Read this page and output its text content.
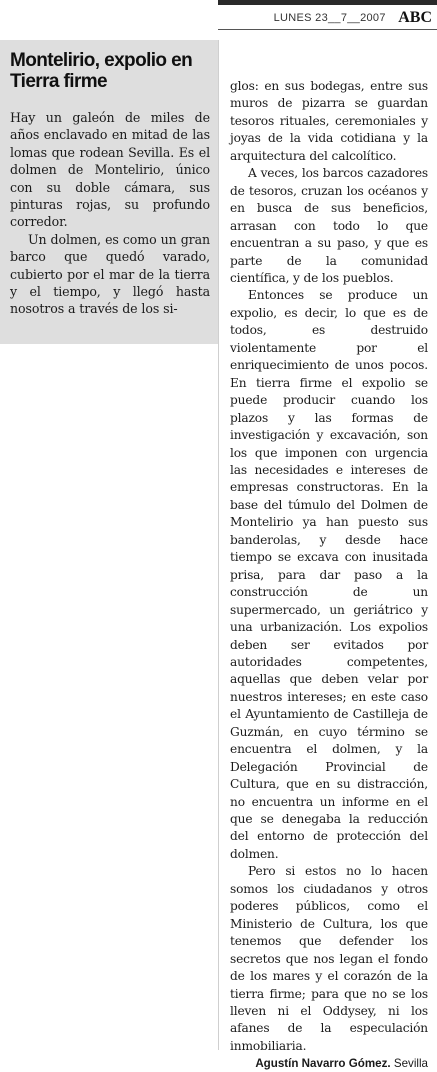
LUNES 23__7__2007 ABC
Montelirio, expolio en Tierra firme

Hay un galeón de miles de años enclavado en mitad de las lomas que rodean Sevilla. Es el dolmen de Montelirio, único con su doble cámara, sus pinturas rojas, su profundo corredor.

Un dolmen, es como un gran barco que quedó varado, cubierto por el mar de la tierra y el tiempo, y llegó hasta nosotros a través de los si-

glos: en sus bodegas, entre sus muros de pizarra se guardan tesoros rituales, ceremoniales y joyas de la vida cotidiana y la arquitectura del calcolítico.

A veces, los barcos cazadores de tesoros, cruzan los océanos y en busca de sus beneficios, arrasan con todo lo que encuentran a su paso, y que es parte de la comunidad científica, y de los pueblos.

Entonces se produce un expolio, es decir, lo que es de todos, es destruido violentamente por el enriquecimiento de unos pocos. En tierra firme el expolio se puede producir cuando los plazos y las formas de investigación y excavación, son los que imponen con urgencia las necesidades e intereses de empresas constructoras. En la base del túmulo del Dolmen de Montelirio ya han puesto sus banderolas, y desde hace tiempo se excava con inusitada prisa, para dar paso a la construcción de un supermercado, un geriátrico y una urbanización. Los expolios deben ser evitados por autoridades competentes, aquellas que deben velar por nuestros intereses; en este caso el Ayuntamiento de Castilleja de Guzmán, en cuyo término se encuentra el dolmen, y la Delegación Provincial de Cultura, que en su distracción, no encuentra un informe en el que se denegaba la reducción del entorno de protección del dolmen.

Pero si estos no lo hacen somos los ciudadanos y otros poderes públicos, como el Ministerio de Cultura, los que tenemos que defender los secretos que nos legan el fondo de los mares y el corazón de la tierra firme; para que no se los lleven ni el Oddysey, ni los afanes de la especulación inmobiliaria.

Agustín Navarro Gómez. Sevilla
